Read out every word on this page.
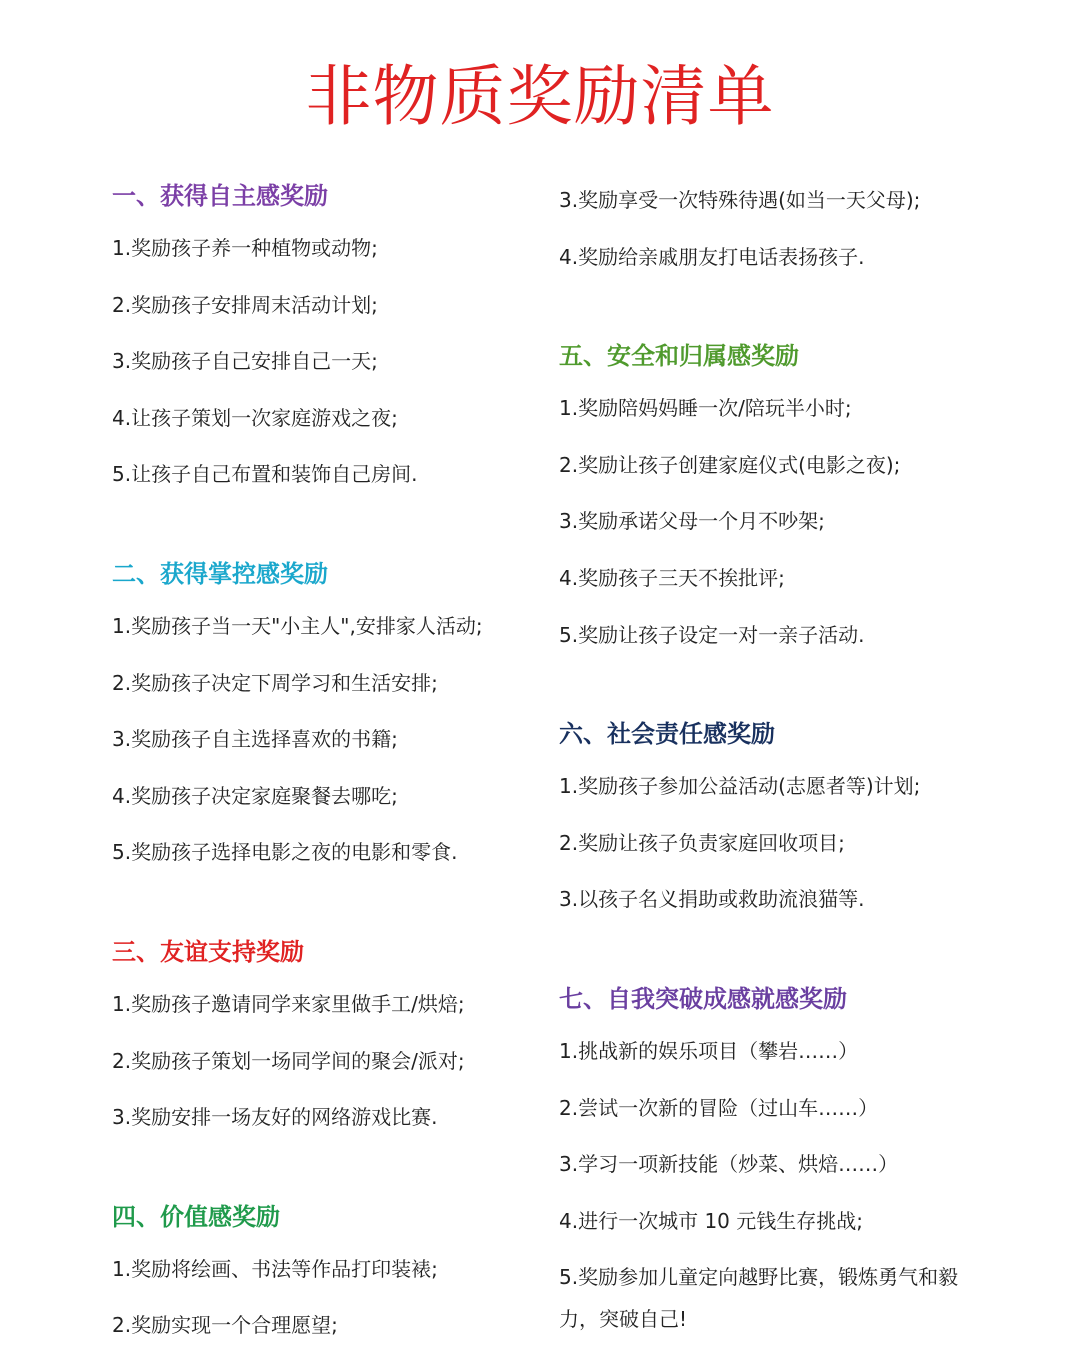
非物质奖励清单
一、获得自主感奖励

1.奖励孩子养一种植物或动物;

2.奖励孩子安排周末活动计划;

3.奖励孩子自己安排自己一天;

4.让孩子策划一次家庭游戏之夜;

5.让孩子自己布置和装饰自己房间.

二、获得掌控感奖励

1.奖励孩子当一天"小主人",安排家人活动;

2.奖励孩子决定下周学习和生活安排;

3.奖励孩子自主选择喜欢的书籍;

4.奖励孩子决定家庭聚餐去哪吃;

5.奖励孩子选择电影之夜的电影和零食.

三、友谊支持奖励

1.奖励孩子邀请同学来家里做手工/烘焙;

2.奖励孩子策划一场同学间的聚会/派对;

3.奖励安排一场友好的网络游戏比赛.

四、价值感奖励

1.奖励将绘画、书法等作品打印装裱;

2.奖励实现一个合理愿望;

3.奖励享受一次特殊待遇(如当一天父母);

4.奖励给亲戚朋友打电话表扬孩子.

五、安全和归属感奖励

1.奖励陪妈妈睡一次/陪玩半小时;

2.奖励让孩子创建家庭仪式(电影之夜);

3.奖励承诺父母一个月不吵架;

4.奖励孩子三天不挨批评;

5.奖励让孩子设定一对一亲子活动.

六、社会责任感奖励

1.奖励孩子参加公益活动(志愿者等)计划;

2.奖励让孩子负责家庭回收项目;

3.以孩子名义捐助或救助流浪猫等.

七、自我突破成感就感奖励

1.挑战新的娱乐项目（攀岩……）

2.尝试一次新的冒险（过山车……）

3.学习一项新技能（炒菜、烘焙……）

4.进行一次城市 10 元钱生存挑战;

5.奖励参加儿童定向越野比赛，锻炼勇气和毅力，突破自己!
